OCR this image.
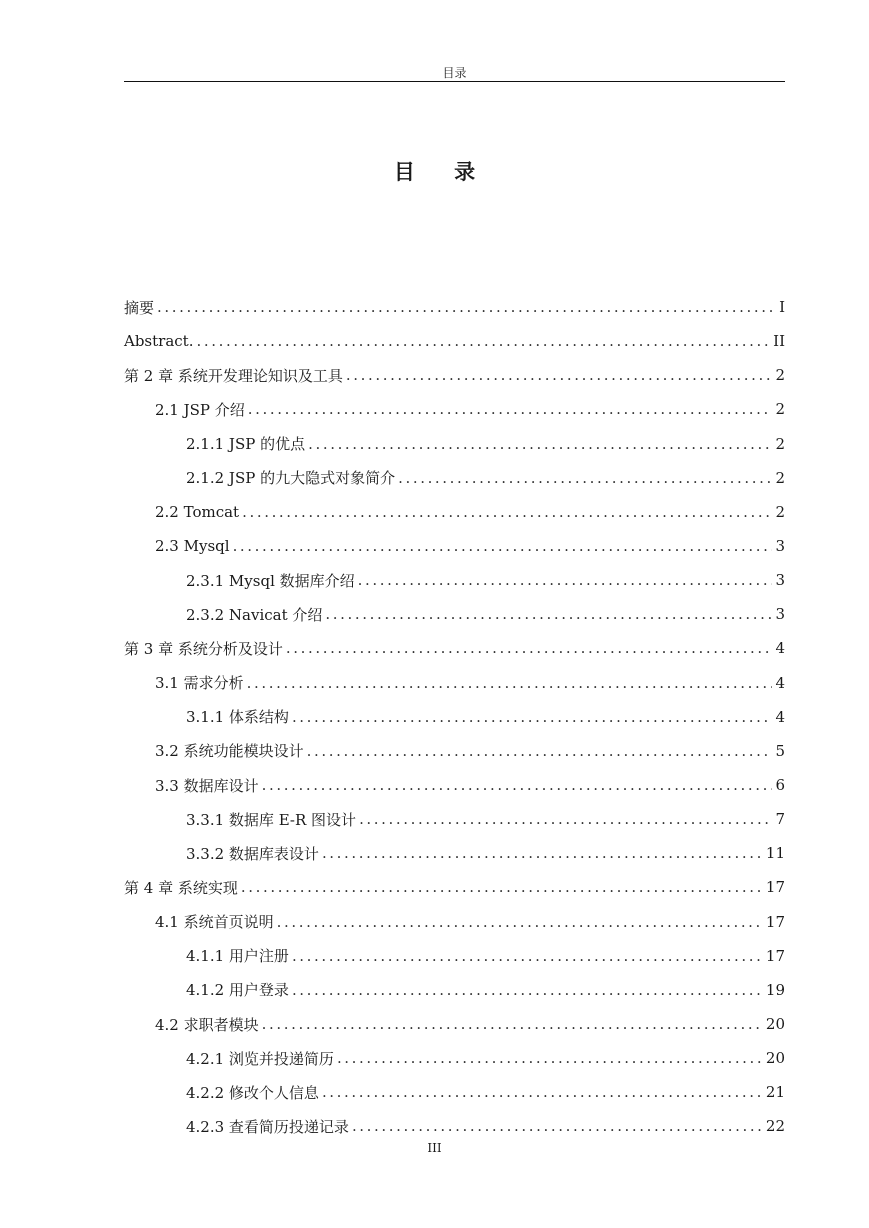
目录
目 录
摘要 .....	I
Abstract. .....	II
第 2 章 系统开发理论知识及工具 .....	2
2.1 JSP 介绍 .....	2
2.1.1 JSP 的优点 .....	2
2.1.2 JSP 的九大隐式对象简介 .....	2
2.2 Tomcat .....	2
2.3 Mysql .....	3
2.3.1 Mysql 数据库介绍 .....	3
2.3.2 Navicat 介绍 .....	3
第 3 章 系统分析及设计 .....	4
3.1 需求分析 .....	4
3.1.1 体系结构 .....	4
3.2 系统功能模块设计 .....	5
3.3 数据库设计 .....	6
3.3.1 数据库 E-R 图设计 .....	7
3.3.2 数据库表设计 .....	11
第 4 章 系统实现 .....	17
4.1 系统首页说明 .....	17
4.1.1 用户注册 .....	17
4.1.2 用户登录 .....	19
4.2 求职者模块 .....	20
4.2.1 浏览并投递简历 .....	20
4.2.2 修改个人信息 .....	21
4.2.3 查看简历投递记录 .....	22
III
